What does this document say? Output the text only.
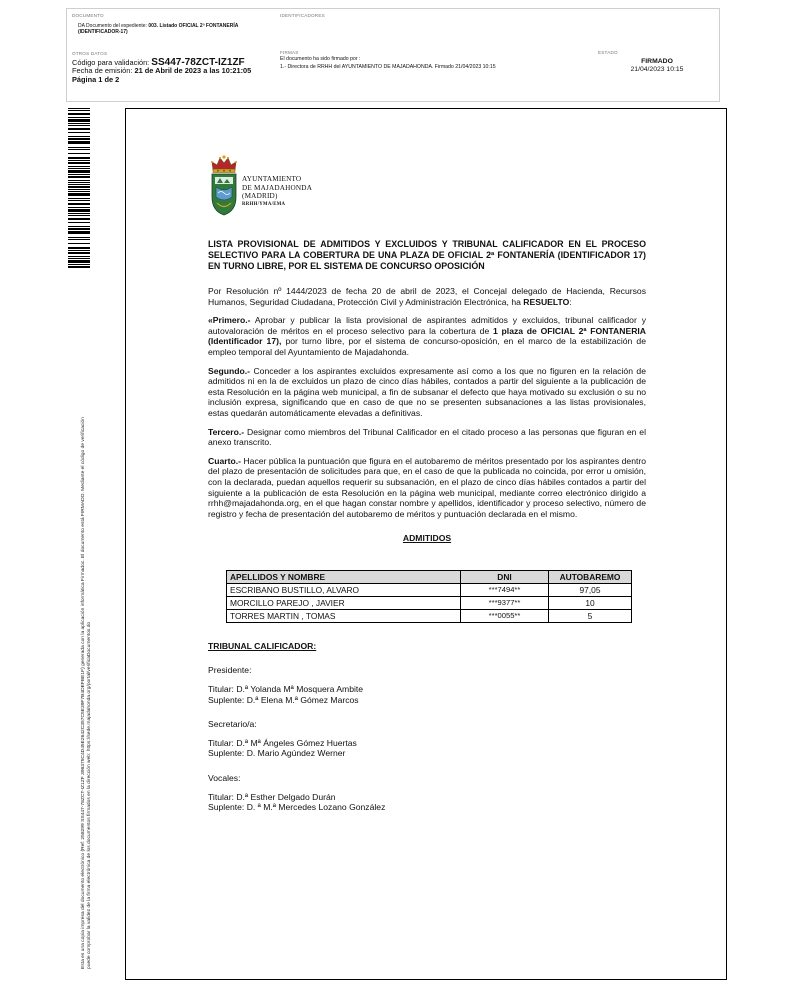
DOCUMENTO
DA Documento del expediente: 003. Listado OFICIAL 2ª FONTANERÍA (IDENTIFICADOR-17)
IDENTIFICADORES
OTROS DATOS
Código para validación: SS447-78ZCT-IZ1ZF
Fecha de emisión: 21 de Abril de 2023 a las 10:21:05
Página 1 de 2
FIRMAS
El documento ha sido firmado por :
1.- Directora de RRHH del AYUNTAMIENTO DE MAJADAHONDA. Firmado 21/04/2023 10:15
ESTADO
FIRMADO
21/04/2023 10:15
Esta es una copia impresa del documento electrónico (Ref: 258299 SS447-78ZCT-IZ1ZF 398375C4D45E2642C357C5E39F7B4DEFBE1F) generada con la aplicación informática Firmadoc. El documento está FIRMADO. Mediante el código de verificación puede comprobar la validez de la firma electrónica de los documentos firmados en la dirección web: https://sede.majadahonda.org/portal/verificaDocumentos.do
AYUNTAMIENTO
DE MAJADAHONDA
(MADRID)
RRHH/YMA/EMA
LISTA PROVISIONAL DE ADMITIDOS Y EXCLUIDOS Y TRIBUNAL CALIFICADOR EN EL PROCESO SELECTIVO PARA LA COBERTURA DE UNA PLAZA DE OFICIAL 2ª FONTANERÍA (IDENTIFICADOR 17) EN TURNO LIBRE, POR EL SISTEMA DE CONCURSO OPOSICIÓN

Por Resolución nº 1444/2023 de fecha 20 de abril de 2023, el Concejal delegado de Hacienda, Recursos Humanos, Seguridad Ciudadana, Protección Civil y Administración Electrónica, ha RESUELTO:

«Primero.- Aprobar y publicar la lista provisional de aspirantes admitidos y excluidos, tribunal calificador y autovaloración de méritos en el proceso selectivo para la cobertura de 1 plaza de OFICIAL 2ª FONTANERIA (Identificador 17), por turno libre, por el sistema de concurso-oposición, en el marco de la estabilización de empleo temporal del Ayuntamiento de Majadahonda.

Segundo.- Conceder a los aspirantes excluidos expresamente así como a los que no figuren en la relación de admitidos ni en la de excluidos un plazo de cinco días hábiles, contados a partir del siguiente a la publicación de esta Resolución en la página web municipal, a fin de subsanar el defecto que haya motivado su exclusión o su no inclusión expresa, significando que en caso de que no se presenten subsanaciones a las listas provisionales, estas quedarán automáticamente elevadas a definitivas.

Tercero.- Designar como miembros del Tribunal Calificador en el citado proceso a las personas que figuran en el anexo transcrito.

Cuarto.- Hacer pública la puntuación que figura en el autobaremo de méritos presentado por los aspirantes dentro del plazo de presentación de solicitudes para que, en el caso de que la publicada no coincida, por error u omisión, con la declarada, puedan aquellos requerir su subsanación, en el plazo de cinco días hábiles contados a partir del siguiente a la publicación de esta Resolución en la página web municipal, mediante correo electrónico dirigido a rrhh@majadahonda.org, en el que hagan constar nombre y apellidos, identificador y proceso selectivo, número de registro y fecha de presentación del autobaremo de méritos y puntuación declarada en el mismo.

ADMITIDOS
APELLIDOS Y NOMBRE	DNI	AUTOBAREMO
ESCRIBANO BUSTILLO, ALVARO	***7494**	97,05
MORCILLO PAREJO , JAVIER	***9377**	10
TORRES MARTIN , TOMAS	***0055**	5
TRIBUNAL CALIFICADOR:
Presidente:
Titular: D.ª Yolanda Mª Mosquera Ambite
Suplente: D.ª Elena M.ª Gómez Marcos
Secretario/a:
Titular: D.ª Mª Ángeles Gómez Huertas
Suplente: D. Mario Agúndez Werner
Vocales:
Titular: D.ª Esther Delgado Durán
Suplente: D. ª M.ª Mercedes Lozano González
